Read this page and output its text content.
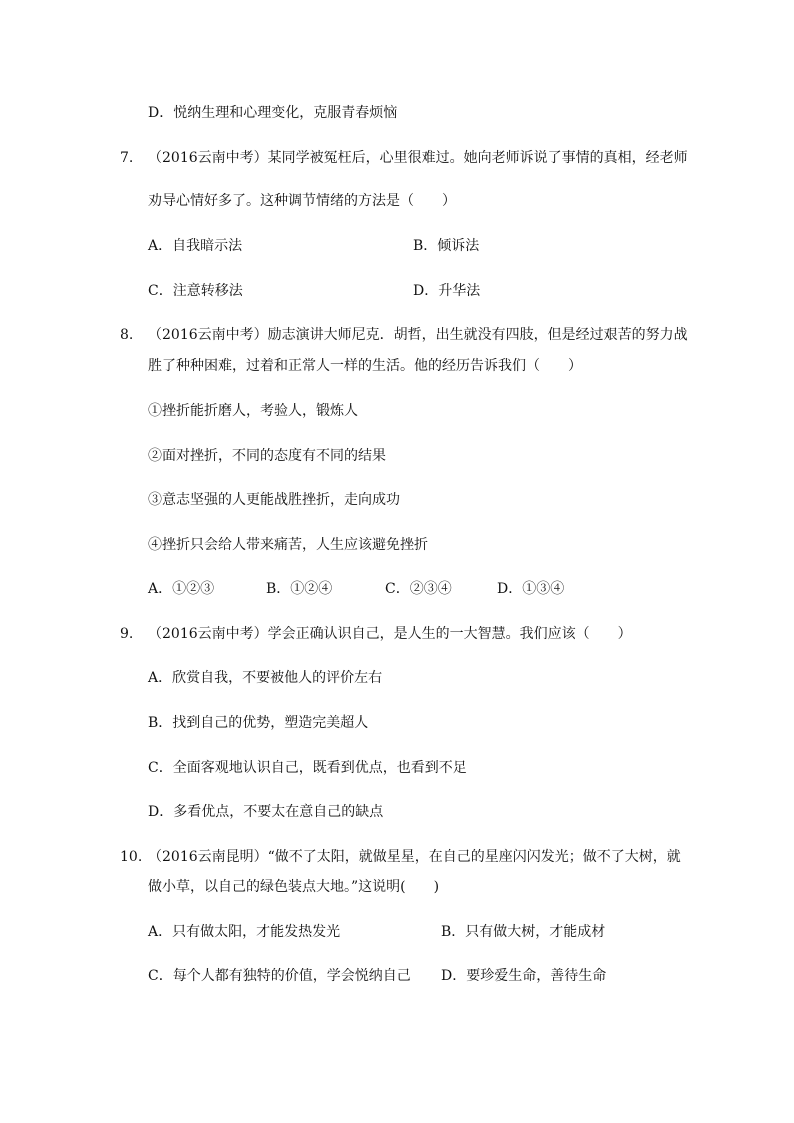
D．悦纳生理和心理变化，克服青春烦恼
7. （2016云南中考）某同学被冤枉后，心里很难过。她向老师诉说了事情的真相，经老师
劝导心情好多了。这种调节情绪的方法是（　　）
A．自我暗示法	B．倾诉法
C．注意转移法	D．升华法
8. （2016云南中考）励志演讲大师尼克．胡哲，出生就没有四肢，但是经过艰苦的努力战
胜了种种困难，过着和正常人一样的生活。他的经历告诉我们（　　）
①挫折能折磨人，考验人，锻炼人
②面对挫折，不同的态度有不同的结果
③意志坚强的人更能战胜挫折，走向成功
④挫折只会给人带来痛苦，人生应该避免挫折
A．①②③	B．①②④	C．②③④	D．①③④
9. （2016云南中考）学会正确认识自己，是人生的一大智慧。我们应该（　　）
A．欣赏自我，不要被他人的评价左右
B．找到自己的优势，塑造完美超人
C．全面客观地认识自己，既看到优点，也看到不足
D．多看优点，不要太在意自己的缺点
10. （2016云南昆明）“做不了太阳，就做星星，在自己的星座闪闪发光；做不了大树，就
做小草，以自己的绿色装点大地。”这说明(　　)
A．只有做太阳，才能发热发光	B．只有做大树，才能成材
C．每个人都有独特的价值，学会悦纳自己 D．要珍爱生命，善待生命
